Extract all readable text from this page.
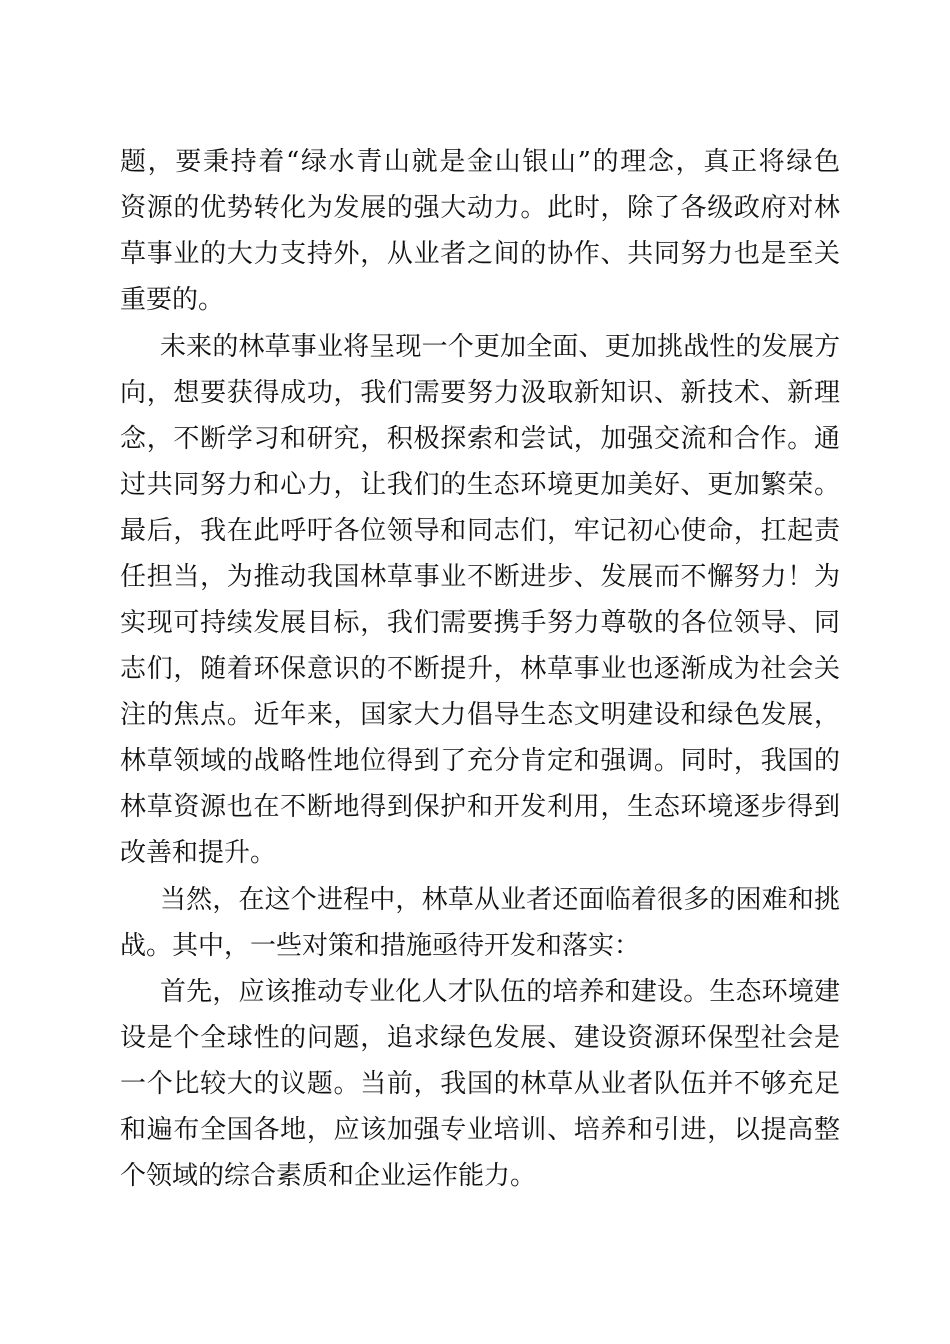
题，要秉持着“绿水青山就是金山银山”的理念，真正将绿色
资源的优势转化为发展的强大动力。此时，除了各级政府对林
草事业的大力支持外，从业者之间的协作、共同努力也是至关
重要的。
未来的林草事业将呈现一个更加全面、更加挑战性的发展方
向，想要获得成功，我们需要努力汲取新知识、新技术、新理
念，不断学习和研究，积极探索和尝试，加强交流和合作。通
过共同努力和心力，让我们的生态环境更加美好、更加繁荣。
最后，我在此呼吁各位领导和同志们，牢记初心使命，扛起责
任担当，为推动我国林草事业不断进步、发展而不懈努力！为
实现可持续发展目标，我们需要携手努力尊敬的各位领导、同
志们，随着环保意识的不断提升，林草事业也逐渐成为社会关
注的焦点。近年来，国家大力倡导生态文明建设和绿色发展，
林草领域的战略性地位得到了充分肯定和强调。同时，我国的
林草资源也在不断地得到保护和开发利用，生态环境逐步得到
改善和提升。
当然，在这个进程中，林草从业者还面临着很多的困难和挑
战。其中，一些对策和措施亟待开发和落实：
首先，应该推动专业化人才队伍的培养和建设。生态环境建
设是个全球性的问题，追求绿色发展、建设资源环保型社会是
一个比较大的议题。当前，我国的林草从业者队伍并不够充足
和遍布全国各地，应该加强专业培训、培养和引进，以提高整
个领域的综合素质和企业运作能力。
